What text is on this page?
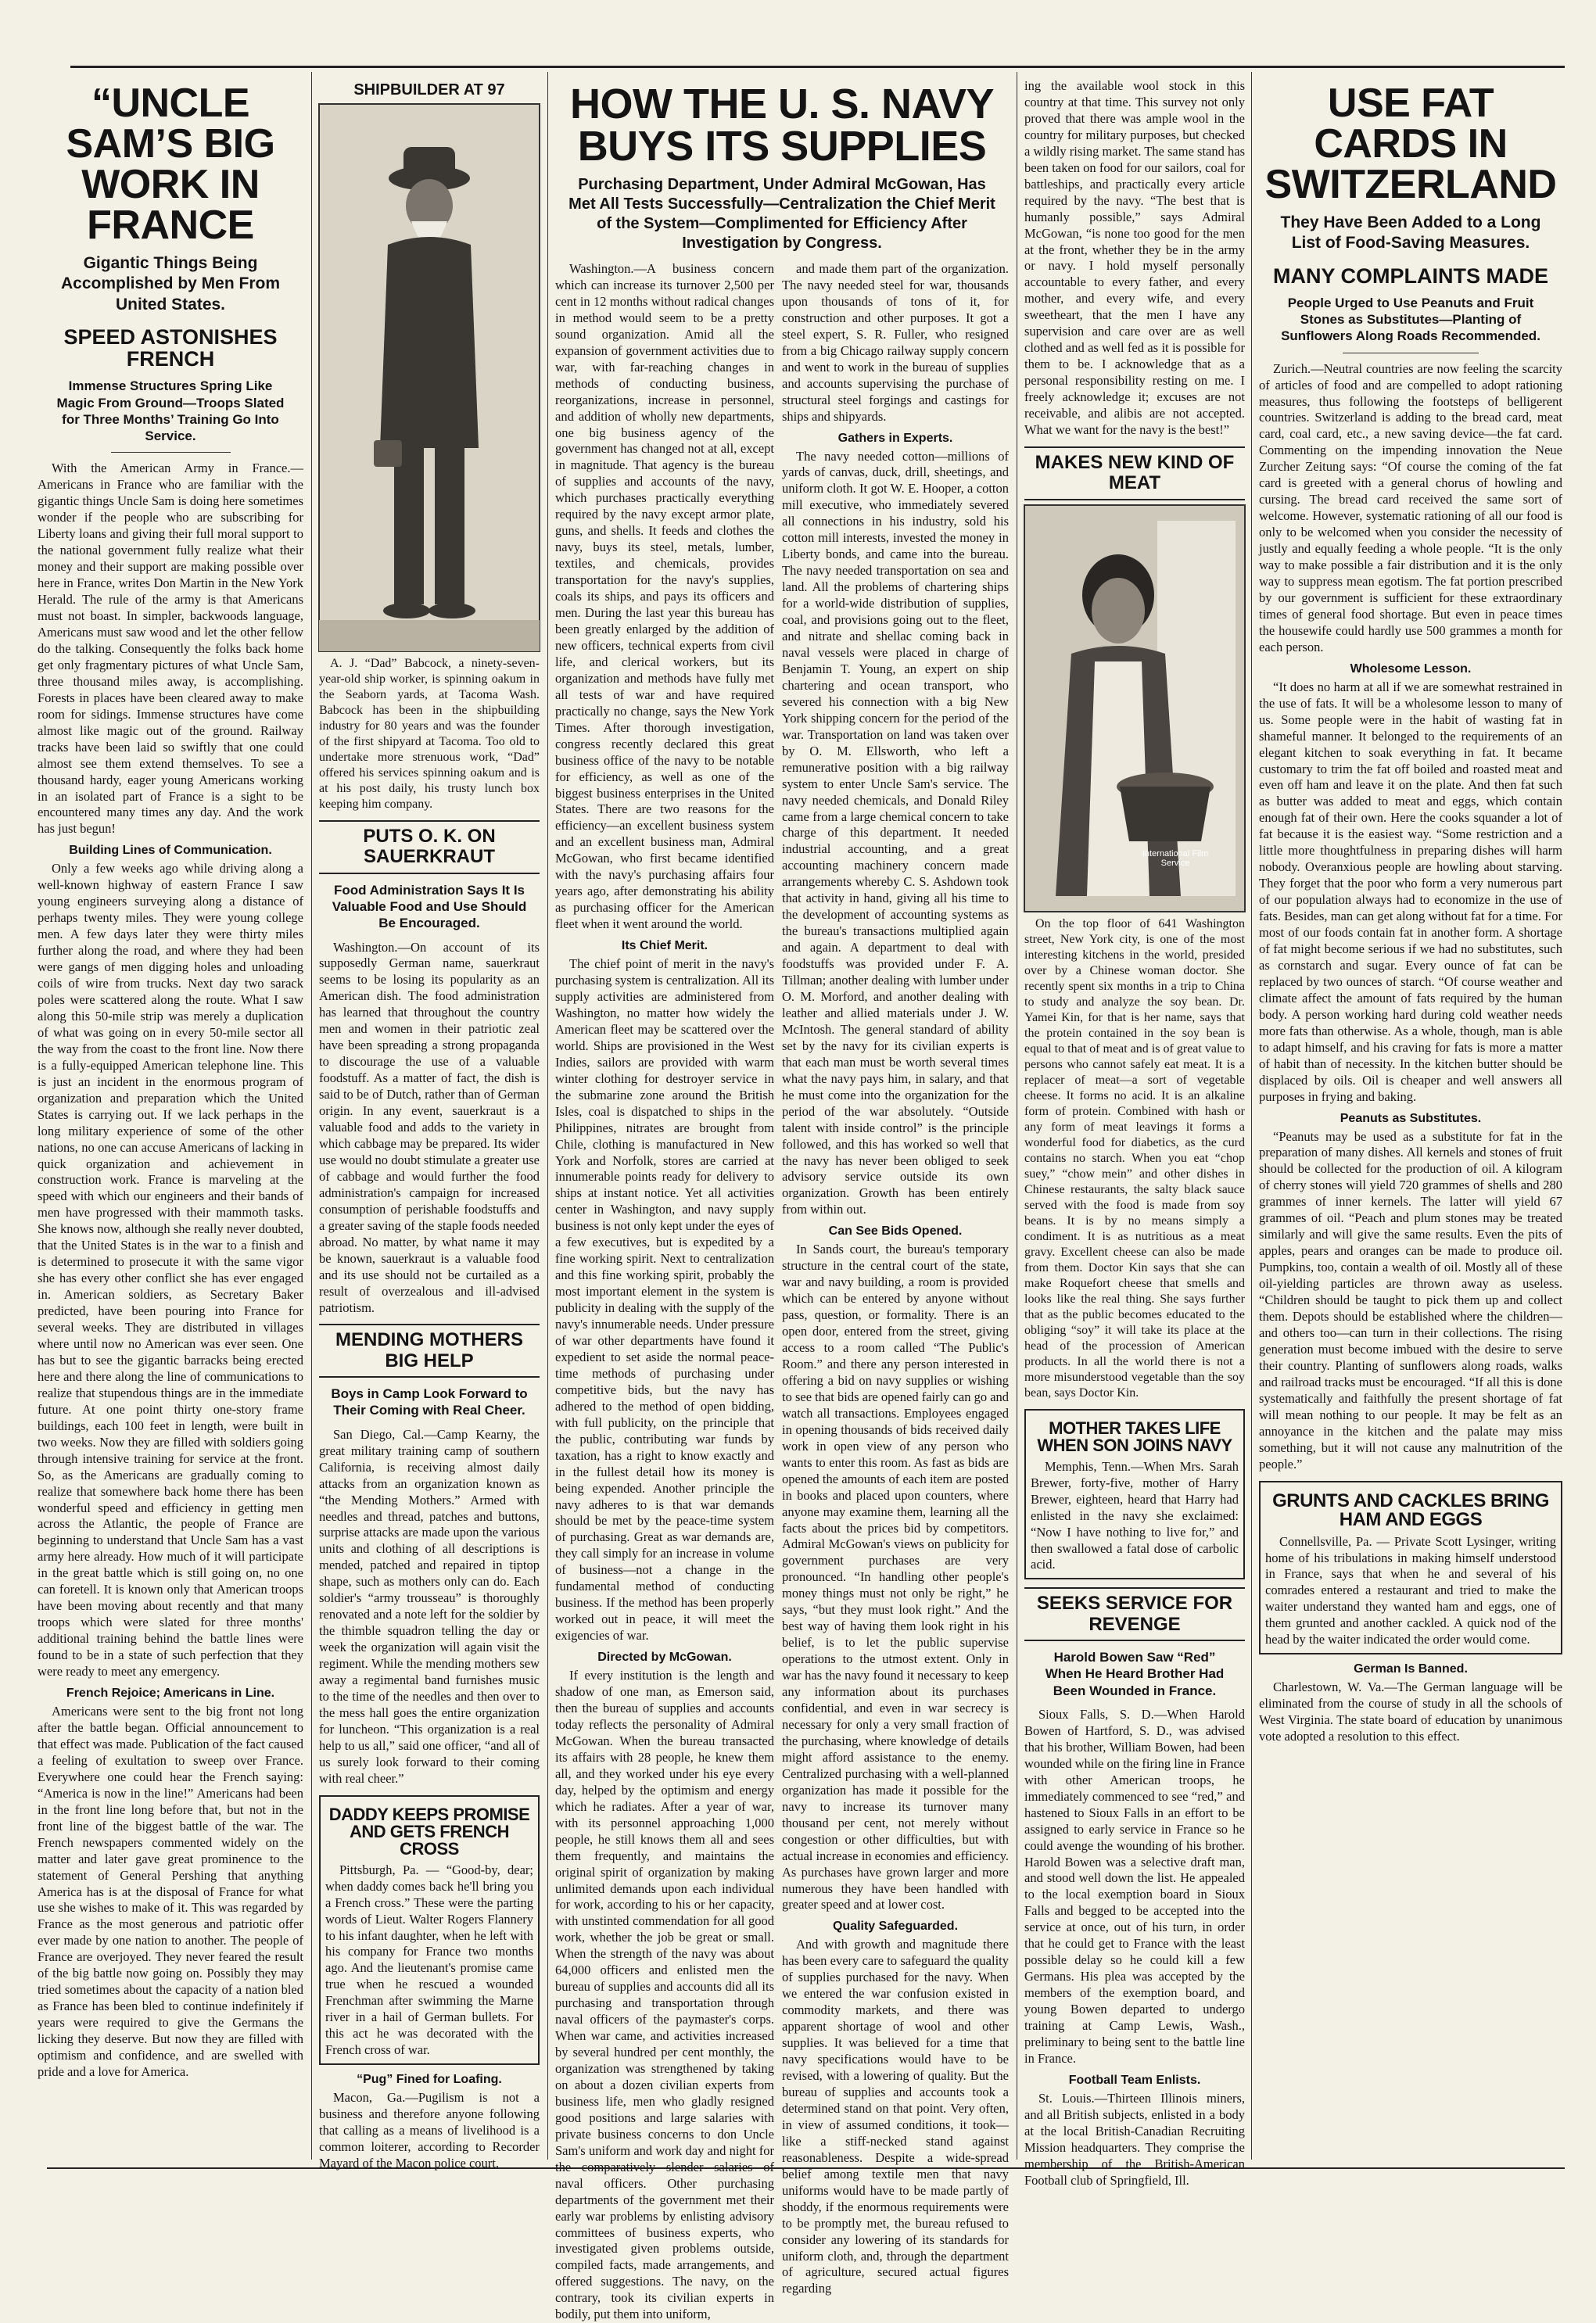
“UNCLE SAM’S BIG WORK IN FRANCE
Gigantic Things Being Accomplished by Men From United States.
SPEED ASTONISHES FRENCH
Immense Structures Spring Like Magic From Ground—Troops Slated for Three Months’ Training Go Into Service.

With the American Army in France.—Americans in France who are familiar with the gigantic things Uncle Sam is doing here sometimes wonder if the people who are subscribing for Liberty loans and giving their full moral support to the national government fully realize what their money and their support are making possible over here in France, writes Don Martin in the New York Herald. The rule of the army is that Americans must not boast. In simpler, backwoods language, Americans must saw wood and let the other fellow do the talking. Consequently the folks back home get only fragmentary pictures of what Uncle Sam, three thousand miles away, is accomplishing. Forests in places have been cleared away to make room for sidings. Immense structures have come almost like magic out of the ground. Railway tracks have been laid so swiftly that one could almost see them extend themselves. To see a thousand hardy, eager young Americans working in an isolated part of France is a sight to be encountered many times any day. And the work has just begun!

Building Lines of Communication.

Only a few weeks ago while driving along a well-known highway of eastern France I saw young engineers surveying along a distance of perhaps twenty miles. They were young college men. A few days later they were thirty miles further along the road, and where they had been were gangs of men digging holes and unloading coils of wire from trucks. Next day two sarack poles were scattered along the route. What I saw along this 50-mile strip was merely a duplication of what was going on in every 50-mile sector all the way from the coast to the front line. Now there is a fully-equipped American telephone line. This is just an incident in the enormous program of organization and preparation which the United States is carrying out. If we lack perhaps in the long military experience of some of the other nations, no one can accuse Americans of lacking in quick organization and achievement in construction work. France is marveling at the speed with which our engineers and their bands of men have progressed with their mammoth tasks. She knows now, although she really never doubted, that the United States is in the war to a finish and is determined to prosecute it with the same vigor she has every other conflict she has ever engaged in. American soldiers, as Secretary Baker predicted, have been pouring into France for several weeks. They are distributed in villages where until now no American was ever seen. One has but to see the gigantic barracks being erected here and there along the line of communications to realize that stupendous things are in the immediate future. At one point thirty one-story frame buildings, each 100 feet in length, were built in two weeks. Now they are filled with soldiers going through intensive training for service at the front. So, as the Americans are gradually coming to realize that somewhere back home there has been wonderful speed and efficiency in getting men across the Atlantic, the people of France are beginning to understand that Uncle Sam has a vast army here already. How much of it will participate in the great battle which is still going on, no one can foretell. It is known only that American troops have been moving about recently and that many troops which were slated for three months' additional training behind the battle lines were found to be in a state of such perfection that they were ready to meet any emergency.

French Rejoice; Americans in Line.

Americans were sent to the big front not long after the battle began. Official announcement to that effect was made. Publication of the fact caused a feeling of exultation to sweep over France. Everywhere one could hear the French saying: “America is now in the line!” Americans had been in the front line long before that, but not in the front line of the biggest battle of the war. The French newspapers commented widely on the matter and later gave great prominence to the statement of General Pershing that anything America has is at the disposal of France for what use she wishes to make of it. This was regarded by France as the most generous and patriotic offer ever made by one nation to another. The people of France are overjoyed. They never feared the result of the big battle now going on. Possibly they may tried sometimes about the capacity of a nation bled as France has been bled to continue indefinitely if years were required to give the Germans the licking they deserve. But now they are filled with optimism and confidence, and are swelled with pride and a love for America.

SHIPBUILDER AT 97

A. J. “Dad” Babcock, a ninety-seven-year-old ship worker, is spinning oakum in the Seaborn yards, at Tacoma Wash. Babcock has been in the shipbuilding industry for 80 years and was the founder of the first shipyard at Tacoma. Too old to undertake more strenuous work, “Dad” offered his services spinning oakum and is at his post daily, his trusty lunch box keeping him company.

PUTS O. K. ON SAUERKRAUT
Food Administration Says It Is Valuable Food and Use Should Be Encouraged.

Washington.—On account of its supposedly German name, sauerkraut seems to be losing its popularity as an American dish. The food administration has learned that throughout the country men and women in their patriotic zeal have been spreading a strong propaganda to discourage the use of a valuable foodstuff. As a matter of fact, the dish is said to be of Dutch, rather than of German origin. In any event, sauerkraut is a valuable food and adds to the variety in which cabbage may be prepared. Its wider use would no doubt stimulate a greater use of cabbage and would further the food administration's campaign for increased consumption of perishable foodstuffs and a greater saving of the staple foods needed abroad. No matter, by what name it may be known, sauerkraut is a valuable food and its use should not be curtailed as a result of overzealous and ill-advised patriotism.

MENDING MOTHERS BIG HELP
Boys in Camp Look Forward to Their Coming with Real Cheer.

San Diego, Cal.—Camp Kearny, the great military training camp of southern California, is receiving almost daily attacks from an organization known as “the Mending Mothers.” Armed with needles and thread, patches and buttons, surprise attacks are made upon the various units and clothing of all descriptions is mended, patched and repaired in tiptop shape, such as mothers only can do. Each soldier's “army trousseau” is thoroughly renovated and a note left for the soldier by the thimble squadron telling the day or week the organization will again visit the regiment. While the mending mothers sew away a regimental band furnishes music to the time of the needles and then over to the mess hall goes the entire organization for luncheon. “This organization is a real help to us all,” said one officer, “and all of us surely look forward to their coming with real cheer.”

DADDY KEEPS PROMISE AND GETS FRENCH CROSS

Pittsburgh, Pa. — “Good-by, dear; when daddy comes back he'll bring you a French cross.” These were the parting words of Lieut. Walter Rogers Flannery to his infant daughter, when he left with his company for France two months ago. And the lieutenant's promise came true when he rescued a wounded Frenchman after swimming the Marne river in a hail of German bullets. For this act he was decorated with the French cross of war.

“Pug” Fined for Loafing.

Macon, Ga.—Pugilism is not a business and therefore anyone following that calling as a means of livelihood is a common loiterer, according to Recorder Mayard of the Macon police court.

HOW THE U. S. NAVY BUYS ITS SUPPLIES
Purchasing Department, Under Admiral McGowan, Has Met All Tests Successfully—Centralization the Chief Merit of the System—Complimented for Efficiency After Investigation by Congress.

Washington.—A business concern which can increase its turnover 2,500 per cent in 12 months without radical changes in method would seem to be a pretty sound organization. Amid all the expansion of government activities due to war, with far-reaching changes in methods of conducting business, reorganizations, increase in personnel, and addition of wholly new departments, one big business agency of the government has changed not at all, except in magnitude. That agency is the bureau of supplies and accounts of the navy, which purchases practically everything required by the navy except armor plate, guns, and shells. It feeds and clothes the navy, buys its steel, metals, lumber, textiles, and chemicals, provides transportation for the navy's supplies, coals its ships, and pays its officers and men. During the last year this bureau has been greatly enlarged by the addition of new officers, technical experts from civil life, and clerical workers, but its organization and methods have fully met all tests of war and have required practically no change, says the New York Times. After thorough investigation, congress recently declared this great business office of the navy to be notable for efficiency, as well as one of the biggest business enterprises in the United States. There are two reasons for the efficiency—an excellent business system and an excellent business man, Admiral McGowan, who first became identified with the navy's purchasing affairs four years ago, after demonstrating his ability as purchasing officer for the American fleet when it went around the world.

Its Chief Merit.

The chief point of merit in the navy's purchasing system is centralization. All its supply activities are administered from Washington, no matter how widely the American fleet may be scattered over the world. Ships are provisioned in the West Indies, sailors are provided with warm winter clothing for destroyer service in the submarine zone around the British Isles, coal is dispatched to ships in the Philippines, nitrates are brought from Chile, clothing is manufactured in New York and Norfolk, stores are carried at innumerable points ready for delivery to ships at instant notice. Yet all activities center in Washington, and navy supply business is not only kept under the eyes of a few executives, but is expedited by a fine working spirit. Next to centralization and this fine working spirit, probably the most important element in the system is publicity in dealing with the supply of the navy's innumerable needs. Under pressure of war other departments have found it expedient to set aside the normal peace-time methods of purchasing under competitive bids, but the navy has adhered to the method of open bidding, with full publicity, on the principle that the public, contributing war funds by taxation, has a right to know exactly and in the fullest detail how its money is being expended. Another principle the navy adheres to is that war demands should be met by the peace-time system of purchasing. Great as war demands are, they call simply for an increase in volume of business—not a change in the fundamental method of conducting business. If the method has been properly worked out in peace, it will meet the exigencies of war.

Directed by McGowan.

If every institution is the length and shadow of one man, as Emerson said, then the bureau of supplies and accounts today reflects the personality of Admiral McGowan. When the bureau transacted its affairs with 28 people, he knew them all, and they worked under his eye every day, helped by the optimism and energy which he radiates. After a year of war, with its personnel approaching 1,000 people, he still knows them all and sees them frequently, and maintains the original spirit of organization by making unlimited demands upon each individual for work, according to his or her capacity, with unstinted commendation for all good work, whether the job be great or small. When the strength of the navy was about 64,000 officers and enlisted men the bureau of supplies and accounts did all its purchasing and transportation through naval officers of the paymaster's corps. When war came, and activities increased by several hundred per cent monthly, the organization was strengthened by taking on about a dozen civilian experts from business life, men who gladly resigned good positions and large salaries with private business concerns to don Uncle Sam's uniform and work day and night for the comparatively slender salaries of naval officers. Other purchasing departments of the government met their early war problems by enlisting advisory committees of business experts, who investigated given problems outside, compiled facts, made arrangements, and offered suggestions. The navy, on the contrary, took its civilian experts in bodily, put them into uniform,

and made them part of the organization. The navy needed steel for war, thousands upon thousands of tons of it, for construction and other purposes. It got a steel expert, S. R. Fuller, who resigned from a big Chicago railway supply concern and went to work in the bureau of supplies and accounts supervising the purchase of structural steel forgings and castings for ships and shipyards.

Gathers in Experts.

The navy needed cotton—millions of yards of canvas, duck, drill, sheetings, and uniform cloth. It got W. E. Hooper, a cotton mill executive, who immediately severed all connections in his industry, sold his cotton mill interests, invested the money in Liberty bonds, and came into the bureau. The navy needed transportation on sea and land. All the problems of chartering ships for a world-wide distribution of supplies, coal, and provisions going out to the fleet, and nitrate and shellac coming back in naval vessels were placed in charge of Benjamin T. Young, an expert on ship chartering and ocean transport, who severed his connection with a big New York shipping concern for the period of the war. Transportation on land was taken over by O. M. Ellsworth, who left a remunerative position with a big railway system to enter Uncle Sam's service. The navy needed chemicals, and Donald Riley came from a large chemical concern to take charge of this department. It needed industrial accounting, and a great accounting machinery concern made arrangements whereby C. S. Ashdown took that activity in hand, giving all his time to the development of accounting systems as the bureau's transactions multiplied again and again. A department to deal with foodstuffs was provided under F. A. Tillman; another dealing with lumber under O. M. Morford, and another dealing with leather and allied materials under J. W. McIntosh. The general standard of ability set by the navy for its civilian experts is that each man must be worth several times what the navy pays him, in salary, and that he must come into the organization for the period of the war absolutely. “Outside talent with inside control” is the principle followed, and this has worked so well that the navy has never been obliged to seek advisory service outside its own organization. Growth has been entirely from within out.

Can See Bids Opened.

In Sands court, the bureau's temporary structure in the central court of the state, war and navy building, a room is provided which can be entered by anyone without pass, question, or formality. There is an open door, entered from the street, giving access to a room called “The Public's Room.” and there any person interested in offering a bid on navy supplies or wishing to see that bids are opened fairly can go and watch all transactions. Employees engaged in opening thousands of bids received daily work in open view of any person who wants to enter this room. As fast as bids are opened the amounts of each item are posted in books and placed upon counters, where anyone may examine them, learning all the facts about the prices bid by competitors. Admiral McGowan's views on publicity for government purchases are very pronounced. “In handling other people's money things must not only be right,” he says, “but they must look right.” And the best way of having them look right in his belief, is to let the public supervise operations to the utmost extent. Only in war has the navy found it necessary to keep any information about its purchases confidential, and even in war secrecy is necessary for only a very small fraction of the purchasing, where knowledge of details might afford assistance to the enemy. Centralized purchasing with a well-planned organization has made it possible for the navy to increase its turnover many thousand per cent, not merely without congestion or other difficulties, but with actual increase in economies and efficiency. As purchases have grown larger and more numerous they have been handled with greater speed and at lower cost.

Quality Safeguarded.

And with growth and magnitude there has been every care to safeguard the quality of supplies purchased for the navy. When we entered the war confusion existed in commodity markets, and there was apparent shortage of wool and other supplies. It was believed for a time that navy specifications would have to be revised, with a lowering of quality. But the bureau of supplies and accounts took a determined stand on that point. Very often, in view of assumed conditions, it took—like a stiff-necked stand against reasonableness. Despite a wide-spread belief among textile men that navy uniforms would have to be made partly of shoddy, if the enormous requirements were to be promptly met, the bureau refused to consider any lowering of its standards for uniform cloth, and, through the department of agriculture, secured actual figures regarding

ing the available wool stock in this country at that time. This survey not only proved that there was ample wool in the country for military purposes, but checked a wildly rising market. The same stand has been taken on food for our sailors, coal for battleships, and practically every article required by the navy. “The best that is humanly possible,” says Admiral McGowan, “is none too good for the men at the front, whether they be in the army or navy. I hold myself personally accountable to every father, and every mother, and every wife, and every sweetheart, that the men I have any supervision and care over are as well clothed and as well fed as it is possible for them to be. I acknowledge that as a personal responsibility resting on me. I freely acknowledge it; excuses are not receivable, and alibis are not accepted. What we want for the navy is the best!”

MAKES NEW KIND OF MEAT
International Film Service

On the top floor of 641 Washington street, New York city, is one of the most interesting kitchens in the world, presided over by a Chinese woman doctor. She recently spent six months in a trip to China to study and analyze the soy bean. Dr. Yamei Kin, for that is her name, says that the protein contained in the soy bean is equal to that of meat and is of great value to persons who cannot safely eat meat. It is a replacer of meat—a sort of vegetable cheese. It forms no acid. It is an alkaline form of protein. Combined with hash or any form of meat leavings it forms a wonderful food for diabetics, as the curd contains no starch. When you eat “chop suey,” “chow mein” and other dishes in Chinese restaurants, the salty black sauce served with the food is made from soy beans. It is by no means simply a condiment. It is as nutritious as a meat gravy. Excellent cheese can also be made from them. Doctor Kin says that she can make Roquefort cheese that smells and looks like the real thing. She says further that as the public becomes educated to the obliging “soy” it will take its place at the head of the procession of American products. In all the world there is not a more misunderstood vegetable than the soy bean, says Doctor Kin.

MOTHER TAKES LIFE WHEN SON JOINS NAVY

Memphis, Tenn.—When Mrs. Sarah Brewer, forty-five, mother of Harry Brewer, eighteen, heard that Harry had enlisted in the navy she exclaimed: “Now I have nothing to live for,” and then swallowed a fatal dose of carbolic acid.

SEEKS SERVICE FOR REVENGE
Harold Bowen Saw “Red” When He Heard Brother Had Been Wounded in France.

Sioux Falls, S. D.—When Harold Bowen of Hartford, S. D., was advised that his brother, William Bowen, had been wounded while on the firing line in France with other American troops, he immediately commenced to see “red,” and hastened to Sioux Falls in an effort to be assigned to early service in France so he could avenge the wounding of his brother. Harold Bowen was a selective draft man, and stood well down the list. He appealed to the local exemption board in Sioux Falls and begged to be accepted into the service at once, out of his turn, in order that he could get to France with the least possible delay so he could kill a few Germans. His plea was accepted by the members of the exemption board, and young Bowen departed to undergo training at Camp Lewis, Wash., preliminary to being sent to the battle line in France.

Football Team Enlists.

St. Louis.—Thirteen Illinois miners, and all British subjects, enlisted in a body at the local British-Canadian Recruiting Mission headquarters. They comprise the membership of the British-American Football club of Springfield, Ill.

USE FAT CARDS IN SWITZERLAND
They Have Been Added to a Long List of Food-Saving Measures.
MANY COMPLAINTS MADE
People Urged to Use Peanuts and Fruit Stones as Substitutes—Planting of Sunflowers Along Roads Recommended.

Zurich.—Neutral countries are now feeling the scarcity of articles of food and are compelled to adopt rationing measures, thus following the footsteps of belligerent countries. Switzerland is adding to the bread card, meat card, coal card, etc., a new saving device—the fat card. Commenting on the impending innovation the Neue Zurcher Zeitung says: “Of course the coming of the fat card is greeted with a general chorus of howling and cursing. The bread card received the same sort of welcome. However, systematic rationing of all our food is only to be welcomed when you consider the necessity of justly and equally feeding a whole people. “It is the only way to make possible a fair distribution and it is the only way to suppress mean egotism. The fat portion prescribed by our government is sufficient for these extraordinary times of general food shortage. But even in peace times the housewife could hardly use 500 grammes a month for each person.

Wholesome Lesson.

“It does no harm at all if we are somewhat restrained in the use of fats. It will be a wholesome lesson to many of us. Some people were in the habit of wasting fat in shameful manner. It belonged to the requirements of an elegant kitchen to soak everything in fat. It became customary to trim the fat off boiled and roasted meat and even off ham and leave it on the plate. And then fat such as butter was added to meat and eggs, which contain enough fat of their own. Here the cooks squander a lot of fat because it is the easiest way. “Some restriction and a little more thoughtfulness in preparing dishes will harm nobody. Overanxious people are howling about starving. They forget that the poor who form a very numerous part of our population always had to economize in the use of fats. Besides, man can get along without fat for a time. For most of our foods contain fat in another form. A shortage of fat might become serious if we had no substitutes, such as cornstarch and sugar. Every ounce of fat can be replaced by two ounces of starch. “Of course weather and climate affect the amount of fats required by the human body. A person working hard during cold weather needs more fats than otherwise. As a whole, though, man is able to adapt himself, and his craving for fats is more a matter of habit than of necessity. In the kitchen butter should be displaced by oils. Oil is cheaper and well answers all purposes in frying and baking.

Peanuts as Substitutes.

“Peanuts may be used as a substitute for fat in the preparation of many dishes. All kernels and stones of fruit should be collected for the production of oil. A kilogram of cherry stones will yield 720 grammes of shells and 280 grammes of inner kernels. The latter will yield 67 grammes of oil. “Peach and plum stones may be treated similarly and will give the same results. Even the pits of apples, pears and oranges can be made to produce oil. Pumpkins, too, contain a wealth of oil. Mostly all of these oil-yielding particles are thrown away as useless. “Children should be taught to pick them up and collect them. Depots should be established where the children—and others too—can turn in their collections. The rising generation must become imbued with the desire to serve their country. Planting of sunflowers along roads, walks and railroad tracks must be encouraged. “If all this is done systematically and faithfully the present shortage of fat will mean nothing to our people. It may be felt as an annoyance in the kitchen and the palate may miss something, but it will not cause any malnutrition of the people.”

GRUNTS AND CACKLES BRING HAM AND EGGS

Connellsville, Pa. — Private Scott Lysinger, writing home of his tribulations in making himself understood in France, says that when he and several of his comrades entered a restaurant and tried to make the waiter understand they wanted ham and eggs, one of them grunted and another cackled. A quick nod of the head by the waiter indicated the order would come.

German Is Banned.

Charlestown, W. Va.—The German language will be eliminated from the course of study in all the schools of West Virginia. The state board of education by unanimous vote adopted a resolution to this effect.
